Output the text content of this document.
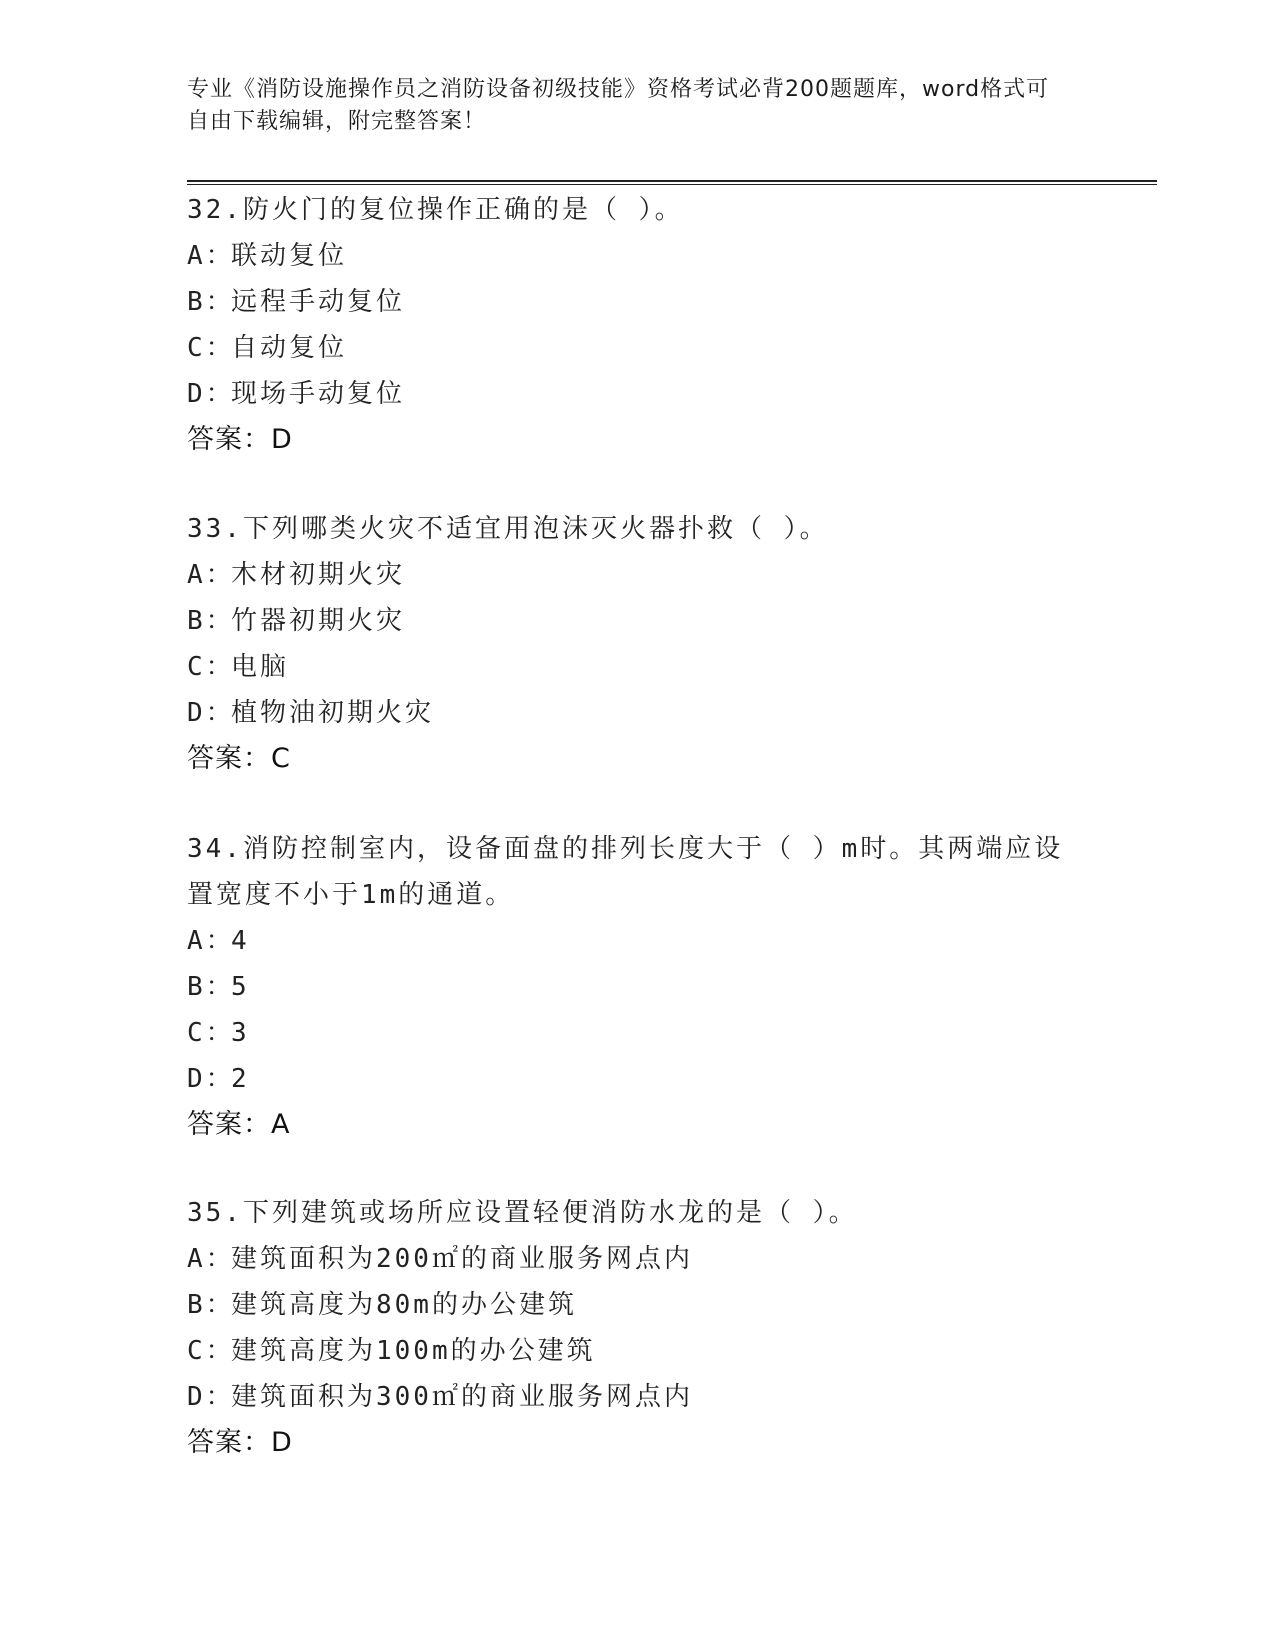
专业《消防设施操作员之消防设备初级技能》资格考试必背200题题库，word格式可自由下载编辑，附完整答案！
32.防火门的复位操作正确的是（ ）。
A：联动复位
B：远程手动复位
C：自动复位
D：现场手动复位
答案：D
33.下列哪类火灾不适宜用泡沫灭火器扑救（ ）。
A：木材初期火灾
B：竹器初期火灾
C：电脑
D：植物油初期火灾
答案：C
34.消防控制室内，设备面盘的排列长度大于（ ）m时。其两端应设置宽度不小于1m的通道。
A：4
B：5
C：3
D：2
答案：A
35.下列建筑或场所应设置轻便消防水龙的是（ ）。
A：建筑面积为200㎡的商业服务网点内
B：建筑高度为80m的办公建筑
C：建筑高度为100m的办公建筑
D：建筑面积为300㎡的商业服务网点内
答案：D
